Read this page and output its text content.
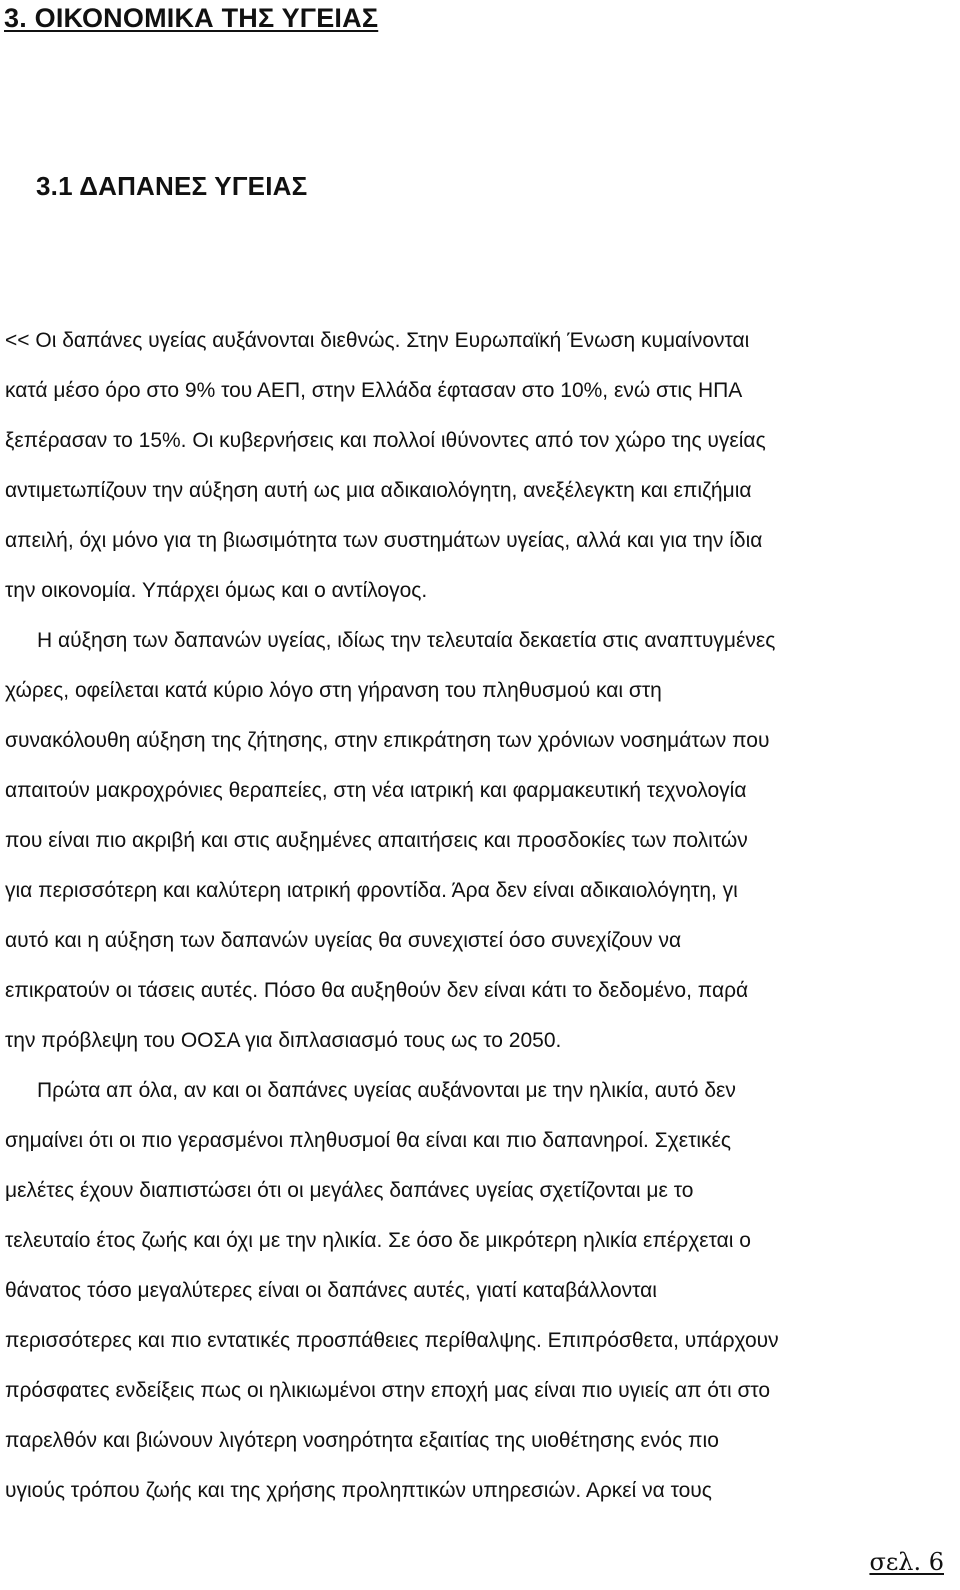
3. ΟΙΚΟΝΟΜΙΚΑ ΤΗΣ ΥΓΕΙΑΣ
3.1 ΔΑΠΑΝΕΣ ΥΓΕΙΑΣ

<< Οι δαπάνες υγείας αυξάνονται διεθνώς. Στην Ευρωπαϊκή Ένωση κυμαίνονται

κατά μέσο όρο στο 9% του ΑΕΠ, στην Ελλάδα έφτασαν στο 10%, ενώ στις ΗΠΑ

ξεπέρασαν το 15%. Οι κυβερνήσεις και πολλοί ιθύνοντες από τον χώρο της υγείας

αντιμετωπίζουν την αύξηση αυτή ως μια αδικαιολόγητη, ανεξέλεγκτη και επιζήμια

απειλή, όχι μόνο για τη βιωσιμότητα των συστημάτων υγείας, αλλά και για την ίδια

την οικονομία. Υπάρχει όμως και ο αντίλογος.

Η αύξηση των δαπανών υγείας, ιδίως την τελευταία δεκαετία στις αναπτυγμένες

χώρες, οφείλεται κατά κύριο λόγο στη γήρανση του πληθυσμού και στη

συνακόλουθη αύξηση της ζήτησης, στην επικράτηση των χρόνιων νοσημάτων που

απαιτούν μακροχρόνιες θεραπείες, στη νέα ιατρική και φαρμακευτική τεχνολογία

που είναι πιο ακριβή και στις αυξημένες απαιτήσεις και προσδοκίες των πολιτών

για περισσότερη και καλύτερη ιατρική φροντίδα. Άρα δεν είναι αδικαιολόγητη, γι

αυτό και η αύξηση των δαπανών υγείας θα συνεχιστεί όσο συνεχίζουν να

επικρατούν οι τάσεις αυτές. Πόσο θα αυξηθούν δεν είναι κάτι το δεδομένο, παρά

την πρόβλεψη του ΟΟΣΑ για διπλασιασμό τους ως το 2050.

Πρώτα απ όλα, αν και οι δαπάνες υγείας αυξάνονται με την ηλικία, αυτό δεν

σημαίνει ότι οι πιο γερασμένοι πληθυσμοί θα είναι και πιο δαπανηροί. Σχετικές

μελέτες έχουν διαπιστώσει ότι οι μεγάλες δαπάνες υγείας σχετίζονται με το

τελευταίο έτος ζωής και όχι με την ηλικία. Σε όσο δε μικρότερη ηλικία επέρχεται ο

θάνατος τόσο μεγαλύτερες είναι οι δαπάνες αυτές, γιατί καταβάλλονται

περισσότερες και πιο εντατικές προσπάθειες περίθαλψης. Επιπρόσθετα, υπάρχουν

πρόσφατες ενδείξεις πως οι ηλικιωμένοι στην εποχή μας είναι πιο υγιείς απ ότι στο

παρελθόν και βιώνουν λιγότερη νοσηρότητα εξαιτίας της υιοθέτησης ενός πιο

υγιούς τρόπου ζωής και της χρήσης προληπτικών υπηρεσιών. Αρκεί να τους

σελ. 6
